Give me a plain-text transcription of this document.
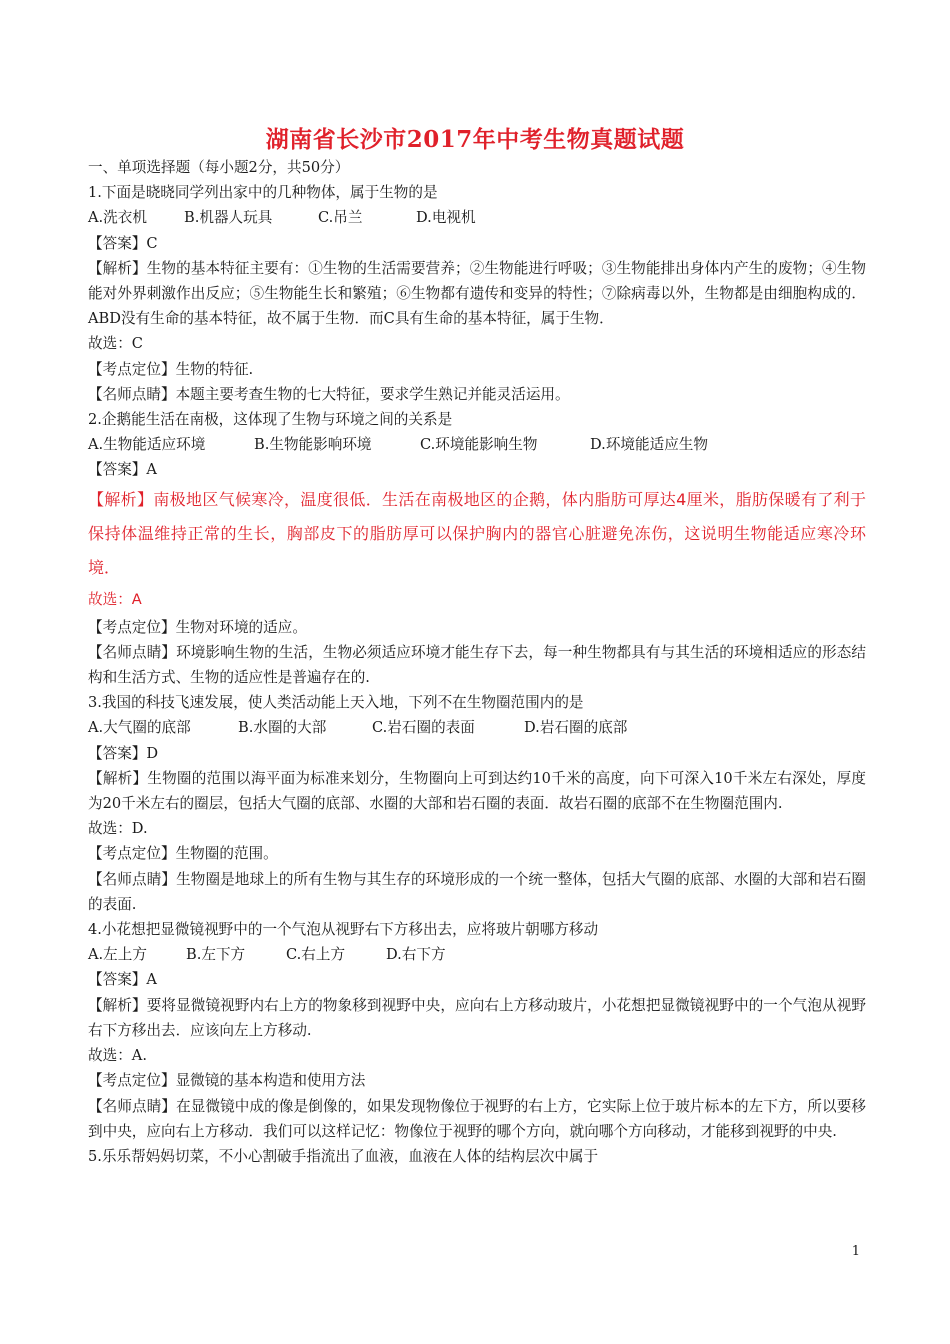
湖南省长沙市2017年中考生物真题试题

一、单项选择题（每小题2分，共50分）

1.下面是晓晓同学列出家中的几种物体，属于生物的是

A.洗衣机	B.机器人玩具	C.吊兰	D.电视机

【答案】C

【解析】生物的基本特征主要有：①生物的生活需要营养；②生物能进行呼吸；③生物能排出身体内产生的废物；④生物能对外界刺激作出反应；⑤生物能生长和繁殖；⑥生物都有遗传和变异的特性；⑦除病毒以外，生物都是由细胞构成的．ABD没有生命的基本特征，故不属于生物．而C具有生命的基本特征，属于生物．

故选：C

【考点定位】生物的特征.

【名师点睛】本题主要考查生物的七大特征，要求学生熟记并能灵活运用。

2.企鹅能生活在南极，这体现了生物与环境之间的关系是

A.生物能适应环境	B.生物能影响环境	C.环境能影响生物	D.环境能适应生物

【答案】A

【解析】南极地区气候寒冷，温度很低．生活在南极地区的企鹅，体内脂肪可厚达4厘米，脂肪保暖有了利于保持体温维持正常的生长，胸部皮下的脂肪厚可以保护胸内的器官心脏避免冻伤，这说明生物能适应寒冷环境．

故选：A

【考点定位】生物对环境的适应。

【名师点睛】环境影响生物的生活，生物必须适应环境才能生存下去，每一种生物都具有与其生活的环境相适应的形态结构和生活方式、生物的适应性是普遍存在的.

3.我国的科技飞速发展，使人类活动能上天入地，下列不在生物圈范围内的是

A.大气圈的底部	B.水圈的大部	C.岩石圈的表面	D.岩石圈的底部

【答案】D

【解析】生物圈的范围以海平面为标准来划分，生物圈向上可到达约10千米的高度，向下可深入10千米左右深处，厚度为20千米左右的圈层，包括大气圈的底部、水圈的大部和岩石圈的表面．故岩石圈的底部不在生物圈范围内.

故选：D.

【考点定位】生物圈的范围。

【名师点睛】生物圈是地球上的所有生物与其生存的环境形成的一个统一整体，包括大气圈的底部、水圈的大部和岩石圈的表面.

4.小花想把显微镜视野中的一个气泡从视野右下方移出去，应将玻片朝哪方移动

A.左上方	B.左下方	C.右上方	D.右下方

【答案】A

【解析】要将显微镜视野内右上方的物象移到视野中央，应向右上方移动玻片，小花想把显微镜视野中的一个气泡从视野右下方移出去．应该向左上方移动.

故选：A.

【考点定位】显微镜的基本构造和使用方法

【名师点睛】在显微镜中成的像是倒像的，如果发现物像位于视野的右上方，它实际上位于玻片标本的左下方，所以要移到中央，应向右上方移动．我们可以这样记忆：物像位于视野的哪个方向，就向哪个方向移动，才能移到视野的中央.

5.乐乐帮妈妈切菜，不小心割破手指流出了血液，血液在人体的结构层次中属于

1
